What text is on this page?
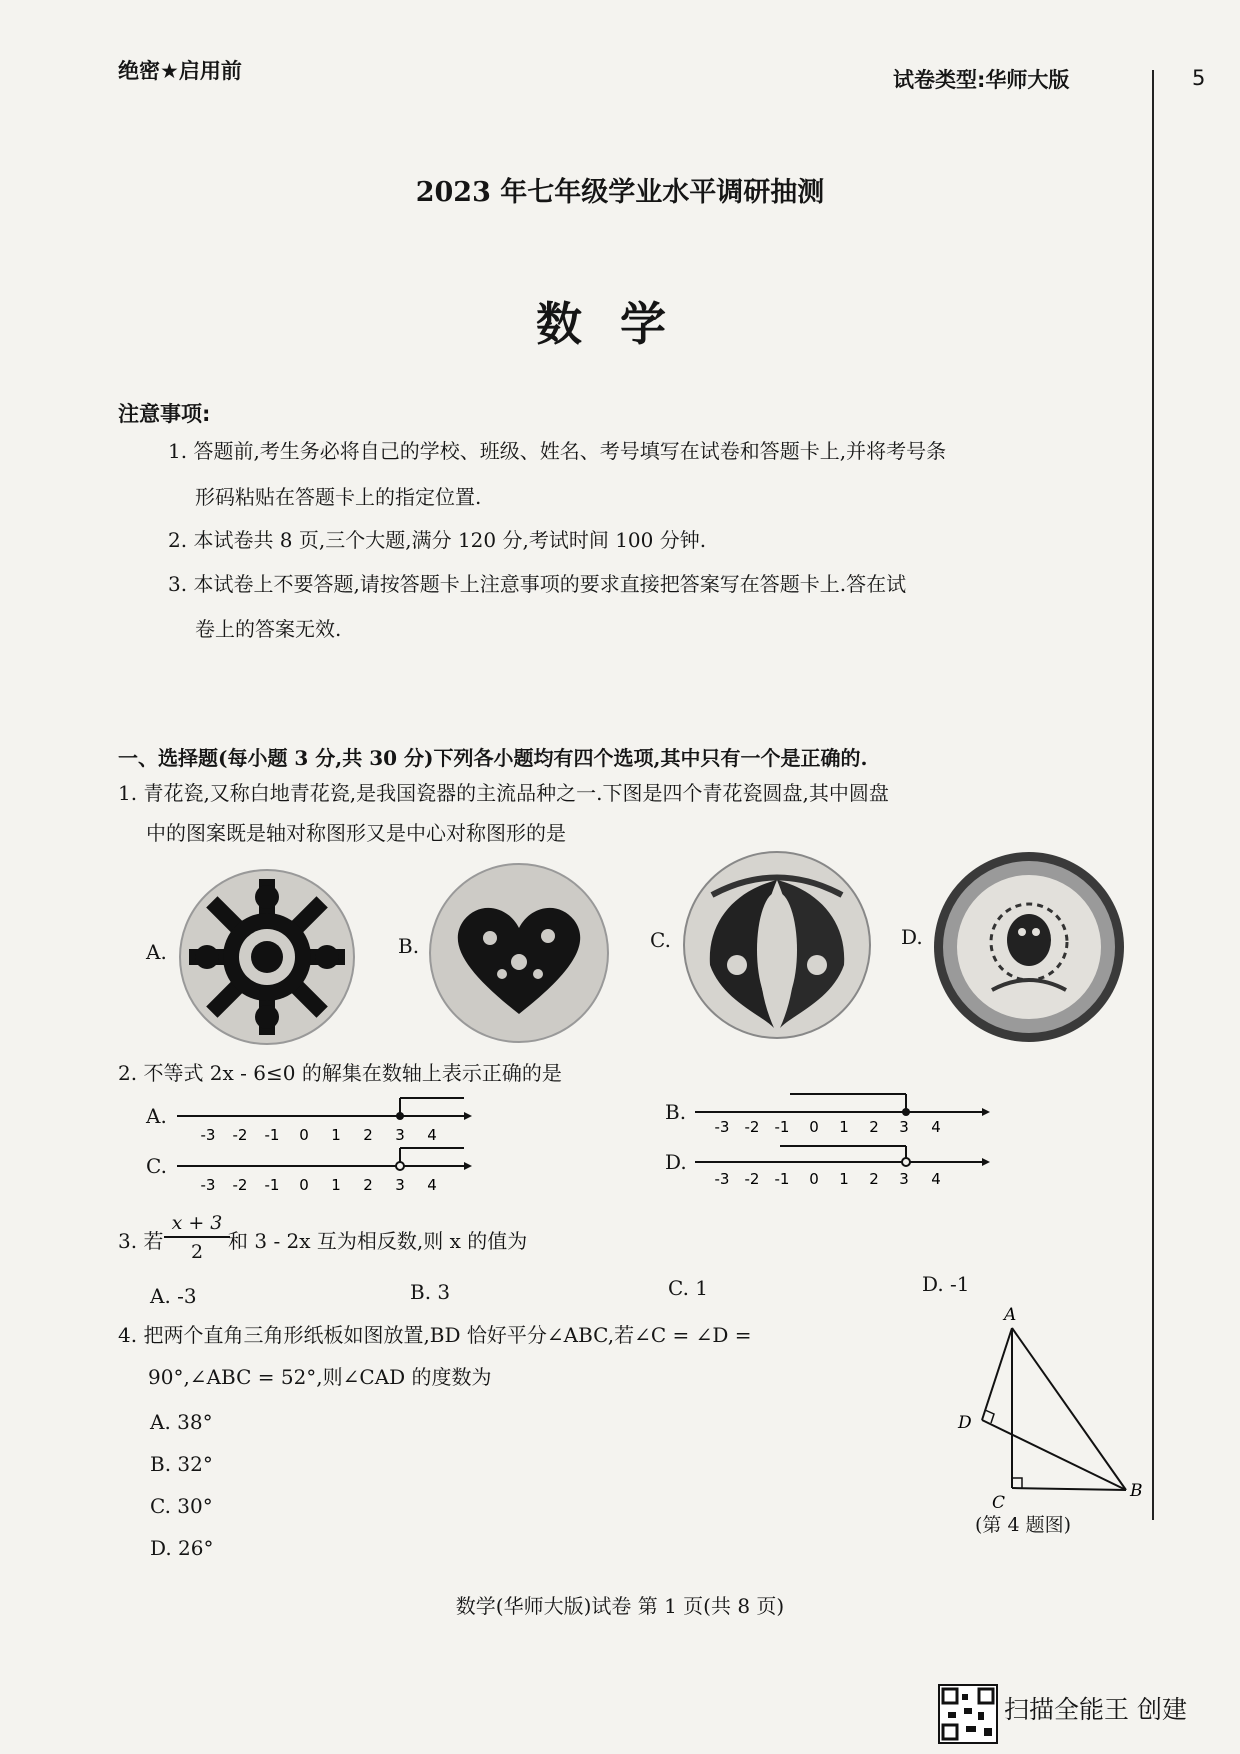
绝密★启用前	试卷类型:华师大版	5
2023 年七年级学业水平调研抽测
数学
注意事项:
1. 答题前,考生务必将自己的学校、班级、姓名、考号填写在试卷和答题卡上,并将考号条
形码粘贴在答题卡上的指定位置.
2. 本试卷共 8 页,三个大题,满分 120 分,考试时间 100 分钟.
3. 本试卷上不要答题,请按答题卡上注意事项的要求直接把答案写在答题卡上.答在试
卷上的答案无效.
一、选择题(每小题 3 分,共 30 分)下列各小题均有四个选项,其中只有一个是正确的.
1. 青花瓷,又称白地青花瓷,是我国瓷器的主流品种之一.下图是四个青花瓷圆盘,其中圆盘
中的图案既是轴对称图形又是中心对称图形的是
A.	B.	C.	D.
2. 不等式 2x - 6≤0 的解集在数轴上表示正确的是
A.
-3 -2 -1 0 1 2 3 4
B.
-3 -2 -1 0 1 2 3 4
C.
-3 -2 -1 0 1 2 3 4
D.
-3 -2 -1 0 1 2 3 4
3. 若 $\frac{x + 3}{2}$
和 3 - 2x 互为相反数,则 x 的值为
A. -3	B. 3	C. 1	D. -1
4. 把两个直角三角形纸板如图放置,BD 恰好平分∠ABC,若∠C = ∠D =
90°,∠ABC = 52°,则∠CAD 的度数为
A. 38°
B. 32°
C. 30°
D. 26°
A
D
C
B
(第 4 题图)
数学(华师大版)试卷 第 1 页(共 8 页)
扫描全能王 创建
